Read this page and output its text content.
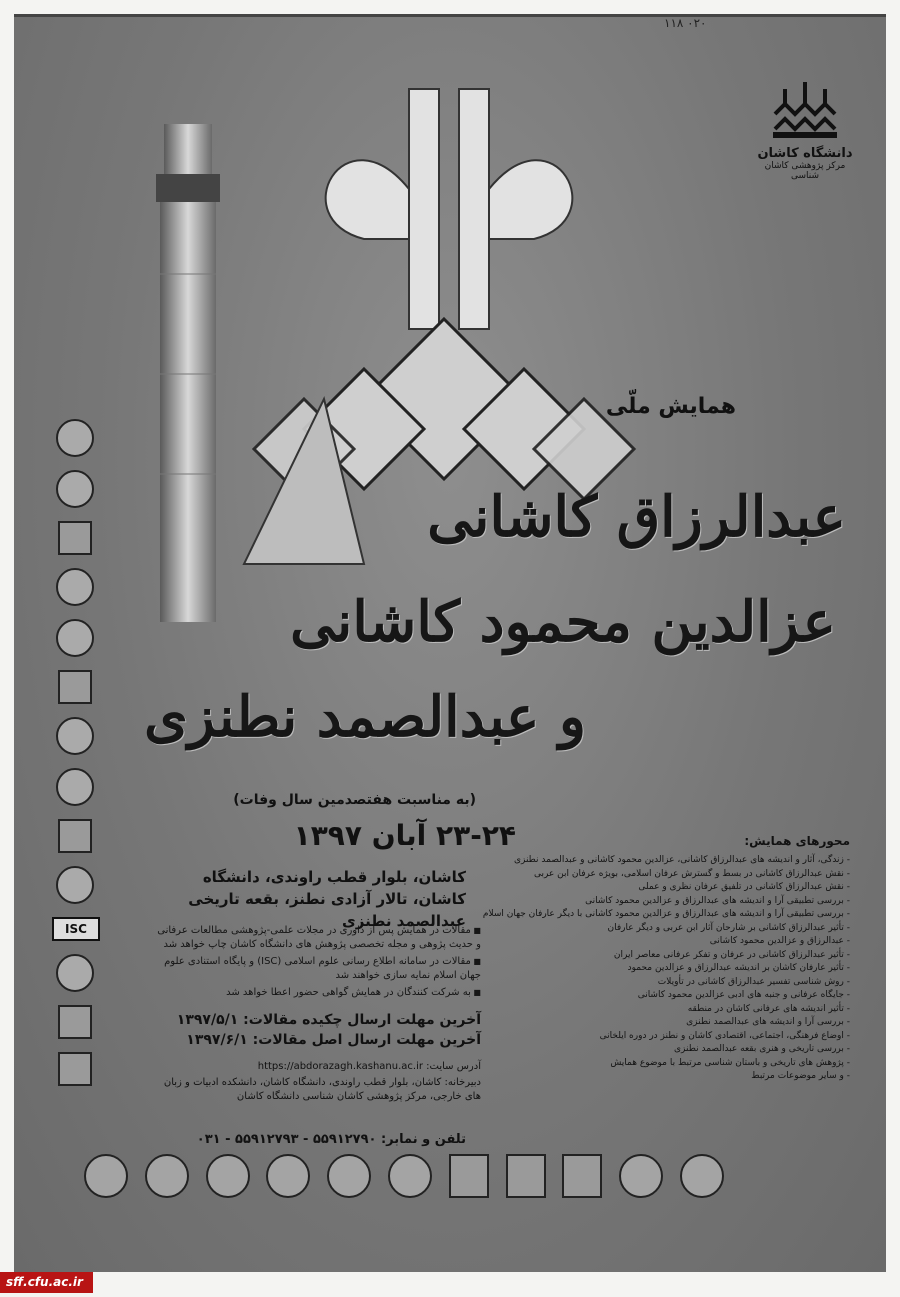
۱۱۸ ۰۲۰
دانشگاه کاشان
مرکز پژوهشی کاشان شناسی
همایش ملّی
عبدالرزاق کاشانی
عزالدین محمود کاشانی
و عبدالصمد نطنزی
(به مناسبت هفتصدمین سال وفات)
۲۳-۲۴ آبان ۱۳۹۷
کاشان، بلوار قطب راوندی، دانشگاه کاشان، تالار آزادی نطنز، بقعه تاریخی عبدالصمد نطنزی
■ مقالات در همایش پس از داوری در مجلات علمی-پژوهشی مطالعات عرفانی و حدیث پژوهی و مجله تخصصی پژوهش های دانشگاه کاشان چاپ خواهد شد
■ مقالات در سامانه اطلاع رسانی علوم اسلامی (ISC) و پایگاه استنادی علوم جهان اسلام نمایه سازی خواهند شد
■ به شرکت کنندگان در همایش گواهی حضور اعطا خواهد شد
آخرین مهلت ارسال چکیده مقالات: ۱۳۹۷/۵/۱
آخرین مهلت ارسال اصل مقالات: ۱۳۹۷/۶/۱
آدرس سایت: https://abdorazagh.kashanu.ac.ir
دبیرخانه: کاشان، بلوار قطب راوندی، دانشگاه کاشان، دانشکده ادبیات و زبان های خارجی، مرکز پژوهشی کاشان شناسی دانشگاه کاشان
تلفن و نمابر: ۵۵۹۱۲۷۹۰ - ۵۵۹۱۲۷۹۳ - ۰۳۱
محورهای همایش:
- زندگی، آثار و اندیشه های عبدالرزاق کاشانی، عزالدین محمود کاشانی و عبدالصمد نطنزی
- نقش عبدالرزاق کاشانی در بسط و گسترش عرفان اسلامی، بویژه عرفان ابن عربی
- نقش عبدالرزاق کاشانی در تلفیق عرفان نظری و عملی
- بررسی تطبیقی آرا و اندیشه های عبدالرزاق و عزالدین محمود کاشانی
- بررسی تطبیقی آرا و اندیشه های عبدالرزاق و عزالدین محمود کاشانی با دیگر عارفان جهان اسلام
- تأثیر عبدالرزاق کاشانی بر شارحان آثار ابن عربی و دیگر عارفان
- عبدالرزاق و عزالدین محمود کاشانی
- تأثیر عبدالرزاق کاشانی در عرفان و تفکر عرفانی معاصر ایران
- تأثیر عارفان کاشان بر اندیشه عبدالرزاق و عزالدین محمود
- روش شناسی تفسیر عبدالرزاق کاشانی در تأویلات
- جایگاه عرفانی و جنبه های ادبی عزالدین محمود کاشانی
- تأثیر اندیشه های عرفانی کاشان در منطقه
- بررسی آرا و اندیشه های عبدالصمد نطنزی
- اوضاع فرهنگی، اجتماعی، اقتصادی کاشان و نطنز در دوره ایلخانی
- بررسی تاریخی و هنری بقعه عبدالصمد نطنزی
- پژوهش های تاریخی و باستان شناسی مرتبط با موضوع همایش
- و سایر موضوعات مرتبط
ISC
sff.cfu.ac.ir
